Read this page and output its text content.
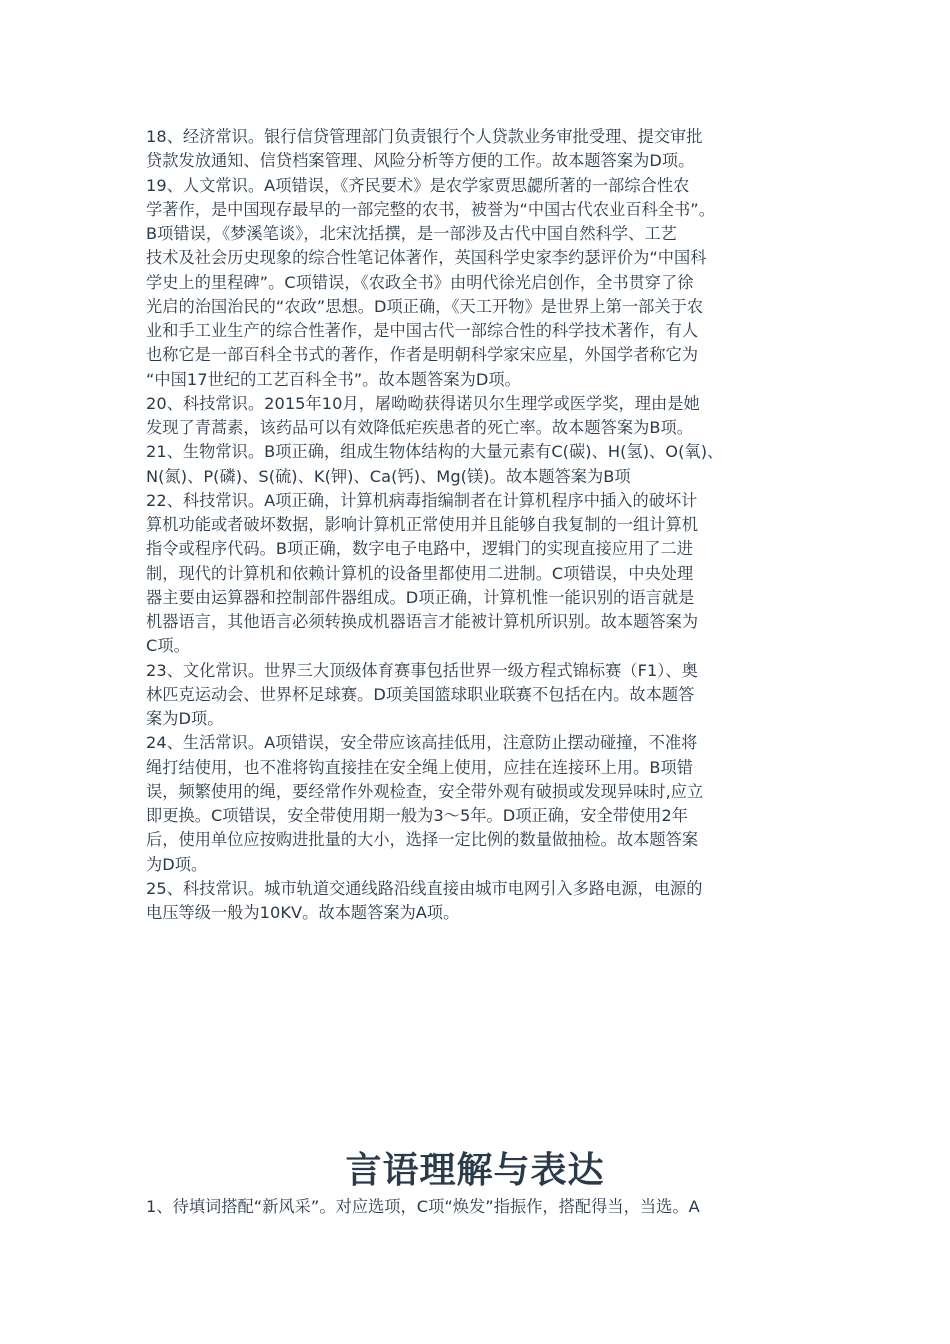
18、经济常识。银行信贷管理部门负责银行个人贷款业务审批受理、提交审批
贷款发放通知、信贷档案管理、风险分析等方便的工作。故本题答案为D项。
19、人文常识。A项错误，《齐民要术》是农学家贾思勰所著的一部综合性农
学著作，是中国现存最早的一部完整的农书，被誉为“中国古代农业百科全书”。
B项错误，《梦溪笔谈》，北宋沈括撰，是一部涉及古代中国自然科学、工艺
技术及社会历史现象的综合性笔记体著作，英国科学史家李约瑟评价为“中国科
学史上的里程碑”。C项错误，《农政全书》由明代徐光启创作，全书贯穿了徐
光启的治国治民的“农政”思想。D项正确，《天工开物》是世界上第一部关于农
业和手工业生产的综合性著作，是中国古代一部综合性的科学技术著作，有人
也称它是一部百科全书式的著作，作者是明朝科学家宋应星，外国学者称它为
“中国17世纪的工艺百科全书”。故本题答案为D项。
20、科技常识。2015年10月，屠呦呦获得诺贝尔生理学或医学奖，理由是她
发现了青蒿素，该药品可以有效降低疟疾患者的死亡率。故本题答案为B项。
21、生物常识。B项正确，组成生物体结构的大量元素有C(碳)、H(氢)、O(氧)、
N(氮)、P(磷)、S(硫)、K(钾)、Ca(钙)、Mg(镁)。故本题答案为B项
22、科技常识。A项正确，计算机病毒指编制者在计算机程序中插入的破坏计
算机功能或者破坏数据，影响计算机正常使用并且能够自我复制的一组计算机
指令或程序代码。B项正确，数字电子电路中，逻辑门的实现直接应用了二进
制，现代的计算机和依赖计算机的设备里都使用二进制。C项错误，中央处理
器主要由运算器和控制部件器组成。D项正确，计算机惟一能识别的语言就是
机器语言，其他语言必须转换成机器语言才能被计算机所识别。故本题答案为
C项。
23、文化常识。世界三大顶级体育赛事包括世界一级方程式锦标赛（F1）、奥
林匹克运动会、世界杯足球赛。D项美国篮球职业联赛不包括在内。故本题答
案为D项。
24、生活常识。A项错误，安全带应该高挂低用，注意防止摆动碰撞，不准将
绳打结使用，也不准将钩直接挂在安全绳上使用，应挂在连接环上用。B项错
误，频繁使用的绳，要经常作外观检查，安全带外观有破损或发现异味时,应立
即更换。C项错误，安全带使用期一般为3～5年。D项正确，安全带使用2年
后，使用单位应按购进批量的大小，选择一定比例的数量做抽检。故本题答案
为D项。
25、科技常识。城市轨道交通线路沿线直接由城市电网引入多路电源，电源的
电压等级一般为10KV。故本题答案为A项。
言语理解与表达
1、待填词搭配“新风采”。对应选项，C项“焕发”指振作，搭配得当，当选。A
